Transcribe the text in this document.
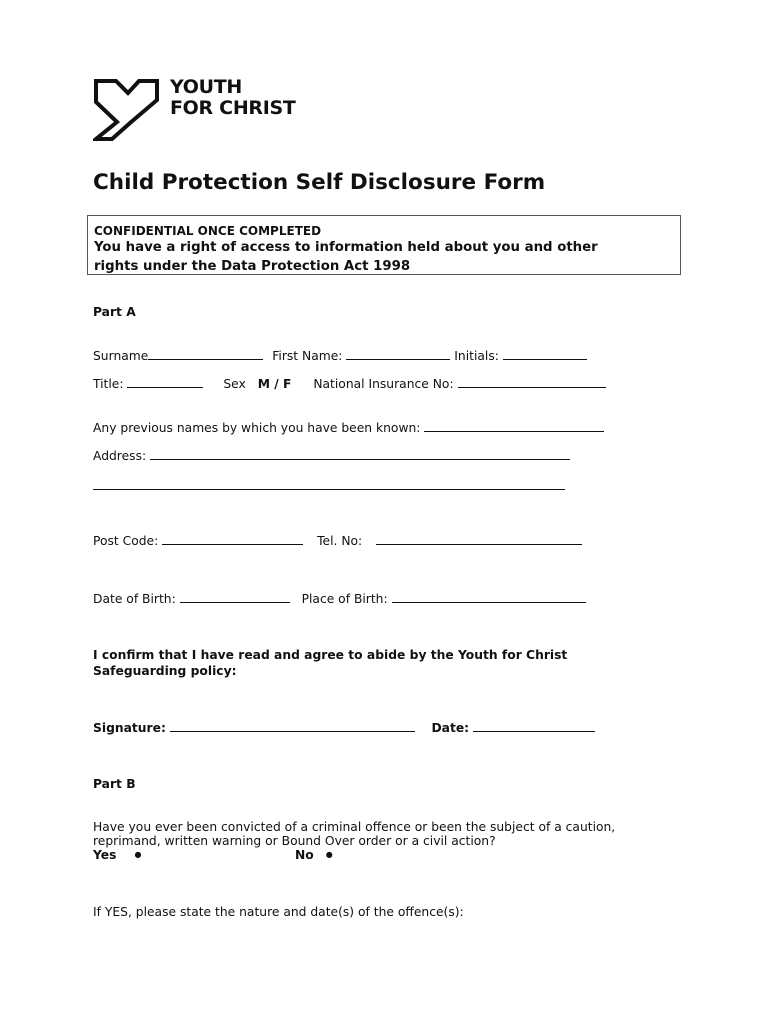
YOUTH
FOR CHRIST
Child Protection Self Disclosure Form
CONFIDENTIAL ONCE COMPLETED
You have a right of access to information held about you and other
rights under the Data Protection Act 1998
Part A
Surname	First Name:	Initials:
Title:	Sex M / F National Insurance No:
Any previous names by which you have been known:
Address:
Post Code:	Tel. No:
Date of Birth:	Place of Birth:
I confirm that I have read and agree to abide by the Youth for Christ
Safeguarding policy:
Signature:	Date:
Part B
Have you ever been convicted of a criminal offence or been the subject of a caution,
reprimand, written warning or Bound Over order or a civil action?
Yes ●	No ●
If YES, please state the nature and date(s) of the offence(s):
